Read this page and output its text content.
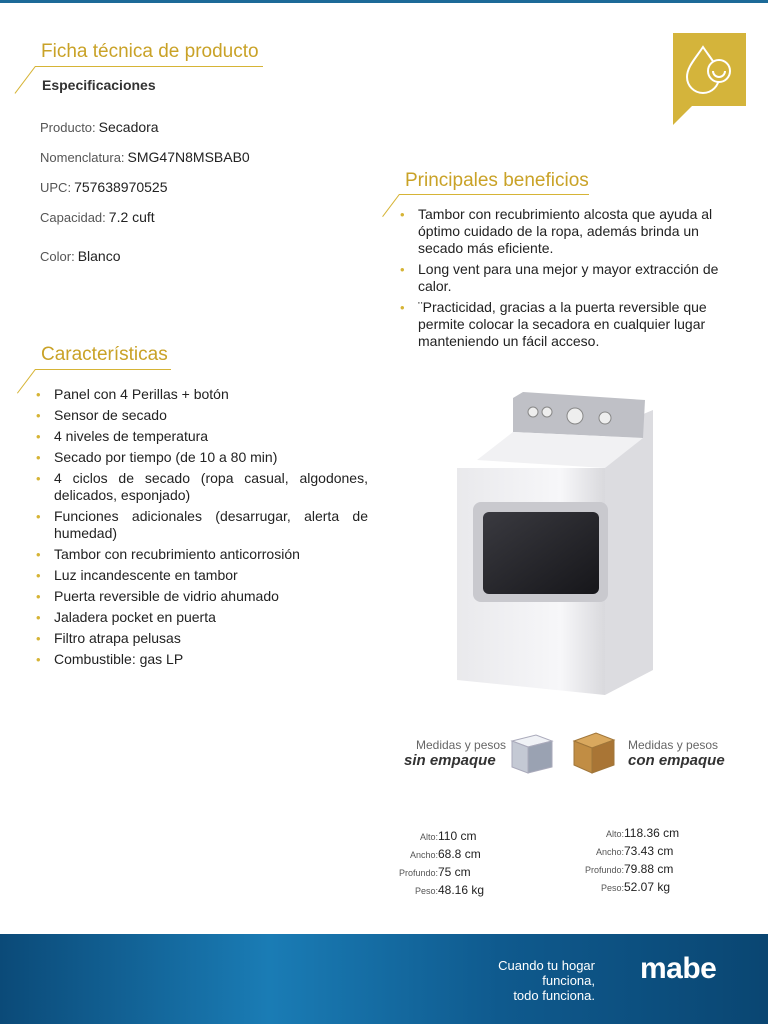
Ficha técnica de producto
Especificaciones
Producto: Secadora
Nomenclatura: SMG47N8MSBAB0
UPC: 757638970525
Capacidad: 7.2 cuft
Color: Blanco
Principales beneficios
• Tambor con recubrimiento alcosta que ayuda al óptimo cuidado de la ropa, además brinda un secado más eficiente.
• Long vent para una mejor y mayor extracción de calor.
• ¨Practicidad, gracias a la puerta reversible que permite colocar la secadora en cualquier lugar manteniendo un fácil acceso.
Características
• Panel con 4 Perillas + botón
• Sensor de secado
• 4 niveles de temperatura
• Secado por tiempo (de 10 a 80 min)
• 4 ciclos de secado (ropa casual, algodones, delicados, esponjado)
• Funciones adicionales (desarrugar, alerta de humedad)
• Tambor con recubrimiento anticorrosión
• Luz incandescente en tambor
• Puerta reversible de vidrio ahumado
• Jaladera pocket en puerta
• Filtro atrapa pelusas
• Combustible: gas LP
Medidas y pesos
sin empaque
Medidas y pesos
con empaque
Alto:110 cm
Ancho:68.8 cm
Profundo:75 cm
Peso:48.16 kg
Alto:118.36 cm
Ancho:73.43 cm
Profundo:79.88 cm
Peso:52.07 kg
Cuando tu hogar funciona,
todo funciona.
mabe
